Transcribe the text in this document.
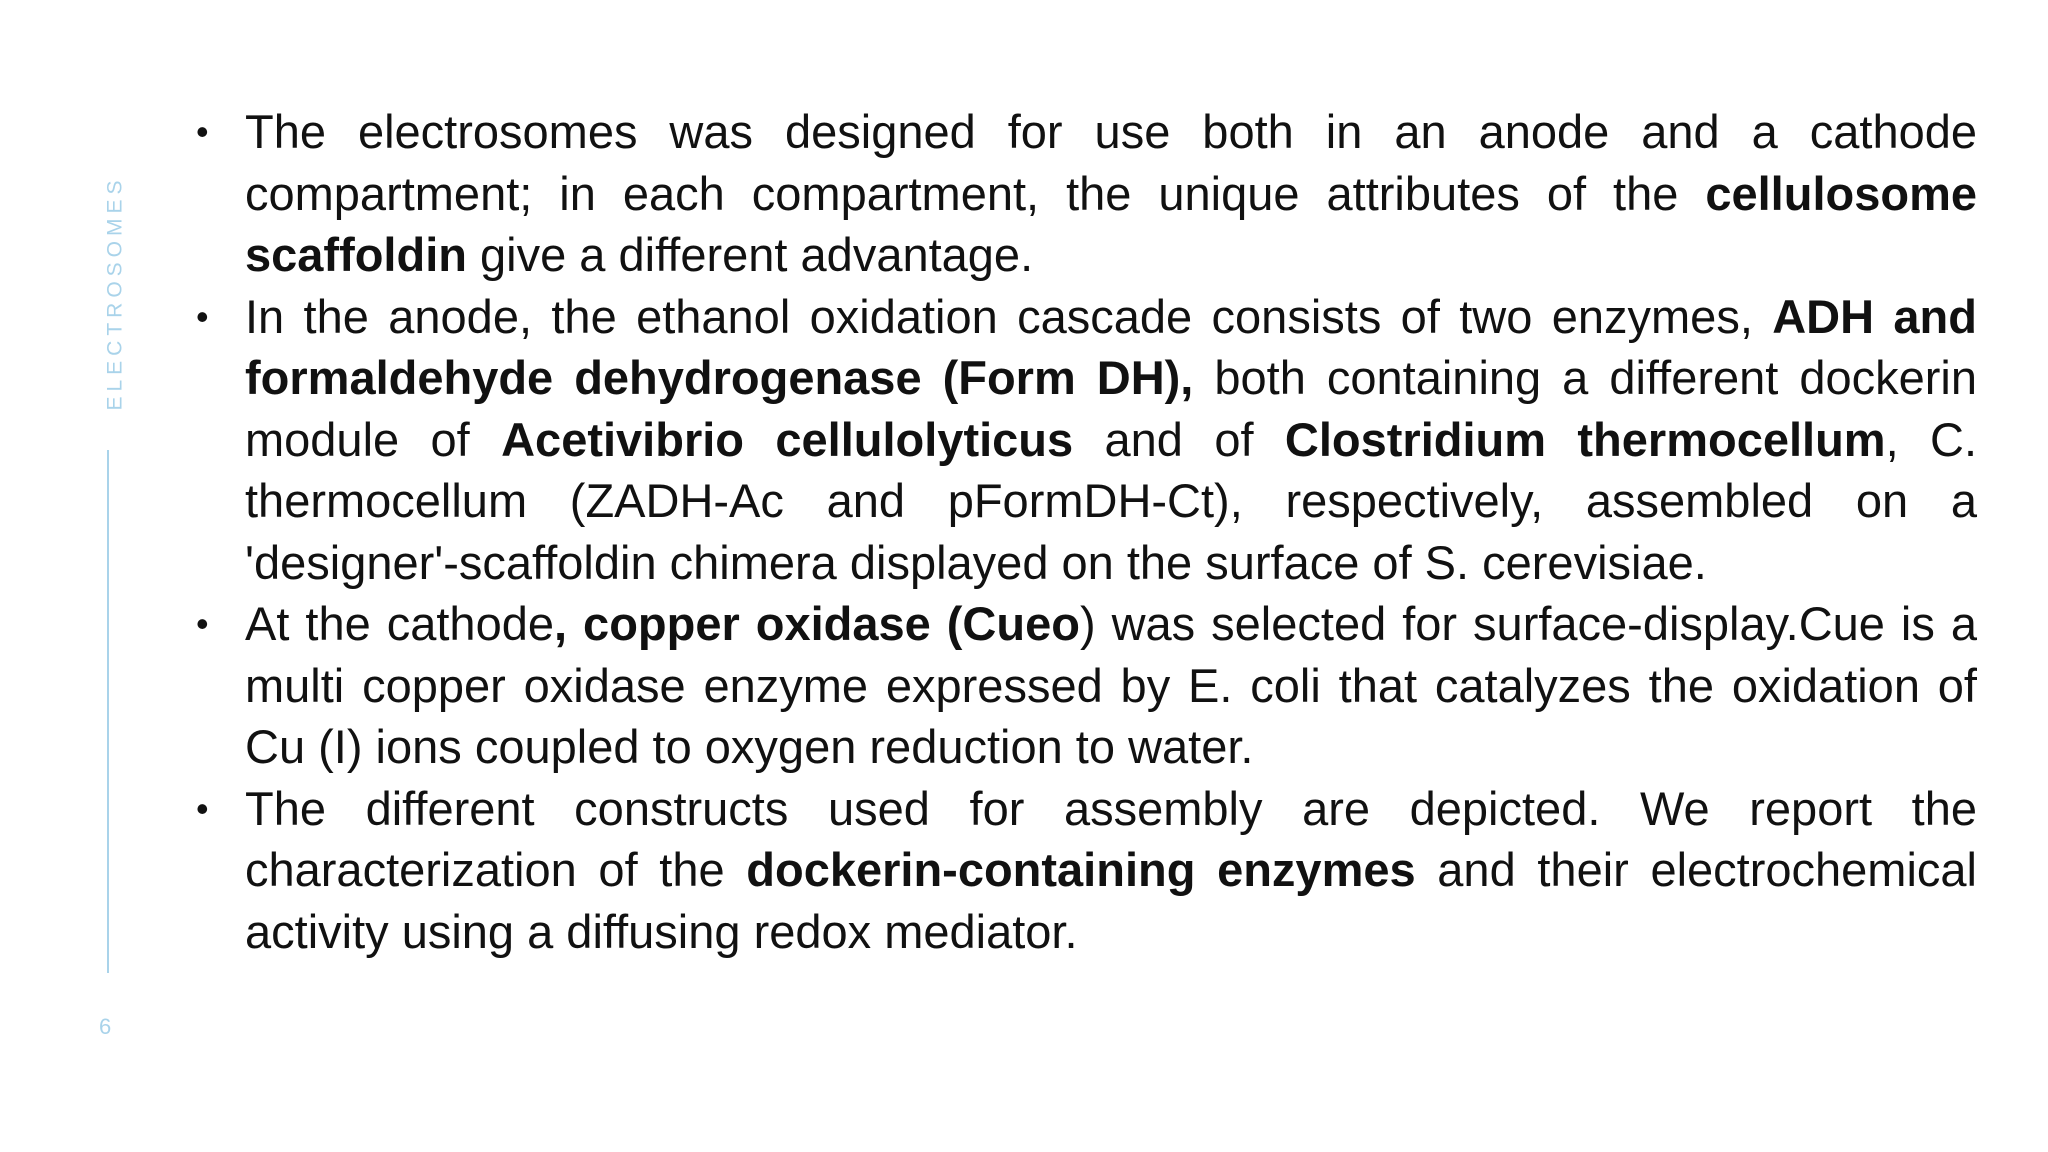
ELECTROSOMES
6
• The electrosomes was designed for use both in an anode and a cathode compartment; in each compartment, the unique attributes of the cellulosome scaffoldin give a different advantage.
• In the anode, the ethanol oxidation cascade consists of two enzymes, ADH and formaldehyde dehydrogenase (Form DH), both containing a different dockerin module of Acetivibrio cellulolyticus and of Clostridium thermocellum, C. thermocellum (ZADH-Ac and pFormDH-Ct), respectively, assembled on a 'designer'-scaffoldin chimera displayed on the surface of S. cerevisiae.
• At the cathode, copper oxidase (Cueo) was selected for surface-display.Cue is a multi copper oxidase enzyme expressed by E. coli that catalyzes the oxidation of Cu (I) ions coupled to oxygen reduction to water.
• The different constructs used for assembly are depicted. We report the characterization of the dockerin-containing enzymes and their electrochemical activity using a diffusing redox mediator.
